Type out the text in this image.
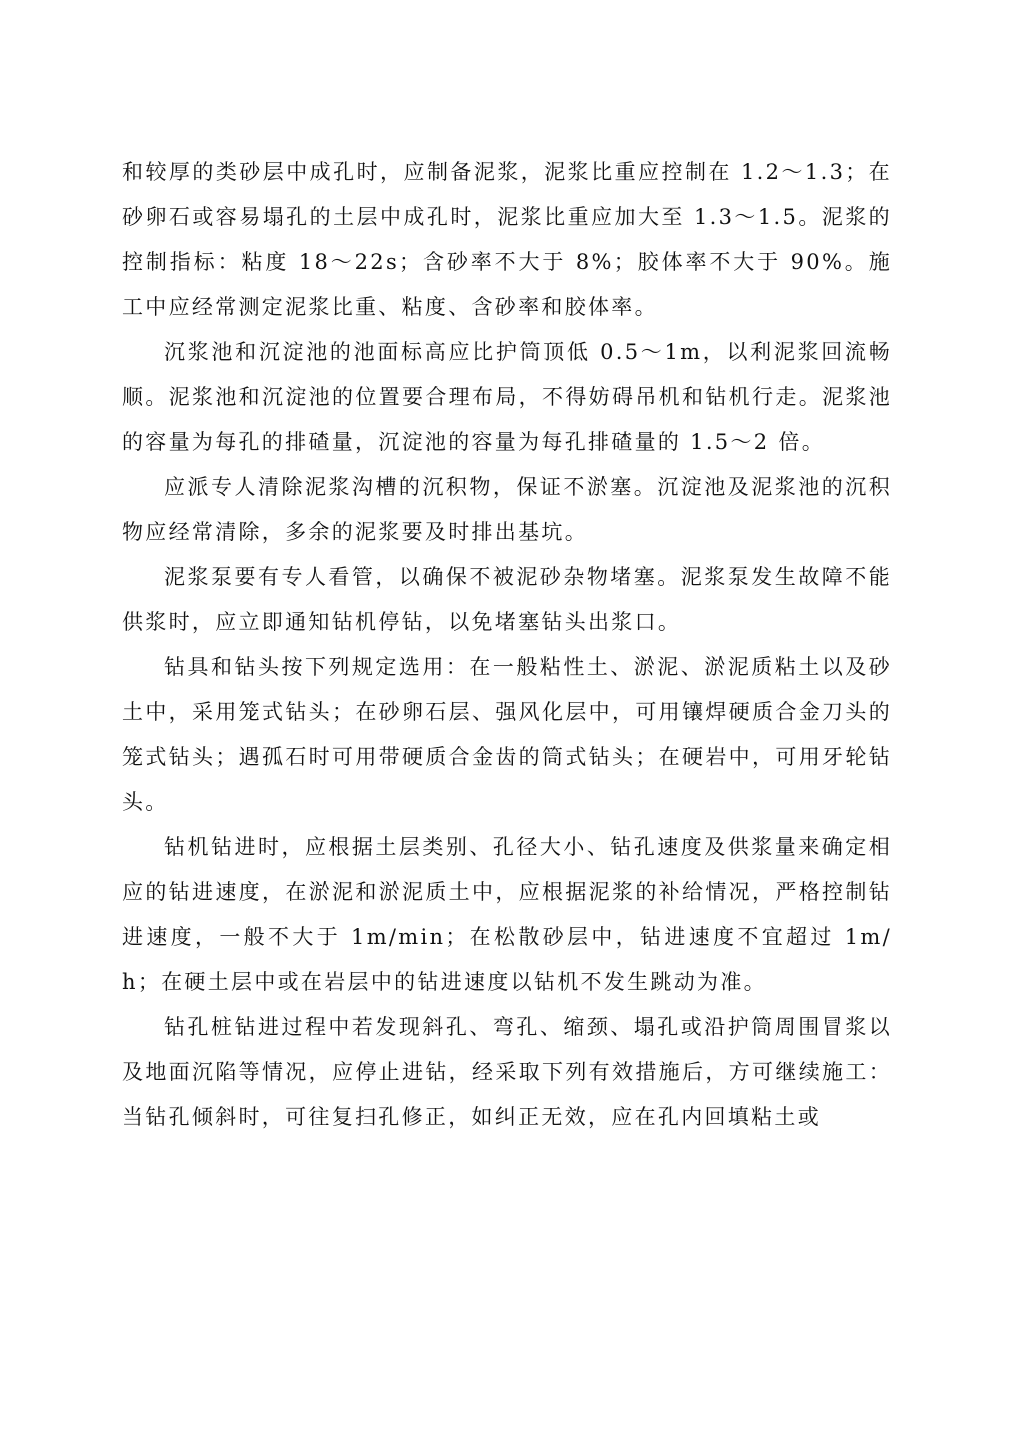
和较厚的类砂层中成孔时，应制备泥浆，泥浆比重应控制在 1.2～1.3；在砂卵石或容易塌孔的土层中成孔时，泥浆比重应加大至 1.3～1.5。泥浆的控制指标：粘度 18～22s；含砂率不大于 8%；胶体率不大于 90%。施工中应经常测定泥浆比重、粘度、含砂率和胶体率。

沉浆池和沉淀池的池面标高应比护筒顶低 0.5～1m，以利泥浆回流畅顺。泥浆池和沉淀池的位置要合理布局，不得妨碍吊机和钻机行走。泥浆池的容量为每孔的排碴量，沉淀池的容量为每孔排碴量的 1.5～2 倍。

应派专人清除泥浆沟槽的沉积物，保证不淤塞。沉淀池及泥浆池的沉积物应经常清除，多余的泥浆要及时排出基坑。

泥浆泵要有专人看管，以确保不被泥砂杂物堵塞。泥浆泵发生故障不能供浆时，应立即通知钻机停钻，以免堵塞钻头出浆口。

钻具和钻头按下列规定选用：在一般粘性土、淤泥、淤泥质粘土以及砂土中，采用笼式钻头；在砂卵石层、强风化层中，可用镶焊硬质合金刀头的笼式钻头；遇孤石时可用带硬质合金齿的筒式钻头；在硬岩中，可用牙轮钻头。

钻机钻进时，应根据土层类别、孔径大小、钻孔速度及供浆量来确定相应的钻进速度，在淤泥和淤泥质土中，应根据泥浆的补给情况，严格控制钻进速度，一般不大于 1m/min；在松散砂层中，钻进速度不宜超过 1m/h；在硬土层中或在岩层中的钻进速度以钻机不发生跳动为准。

钻孔桩钻进过程中若发现斜孔、弯孔、缩颈、塌孔或沿护筒周围冒浆以及地面沉陷等情况，应停止进钻，经采取下列有效措施后，方可继续施工：当钻孔倾斜时，可往复扫孔修正，如纠正无效，应在孔内回填粘土或
